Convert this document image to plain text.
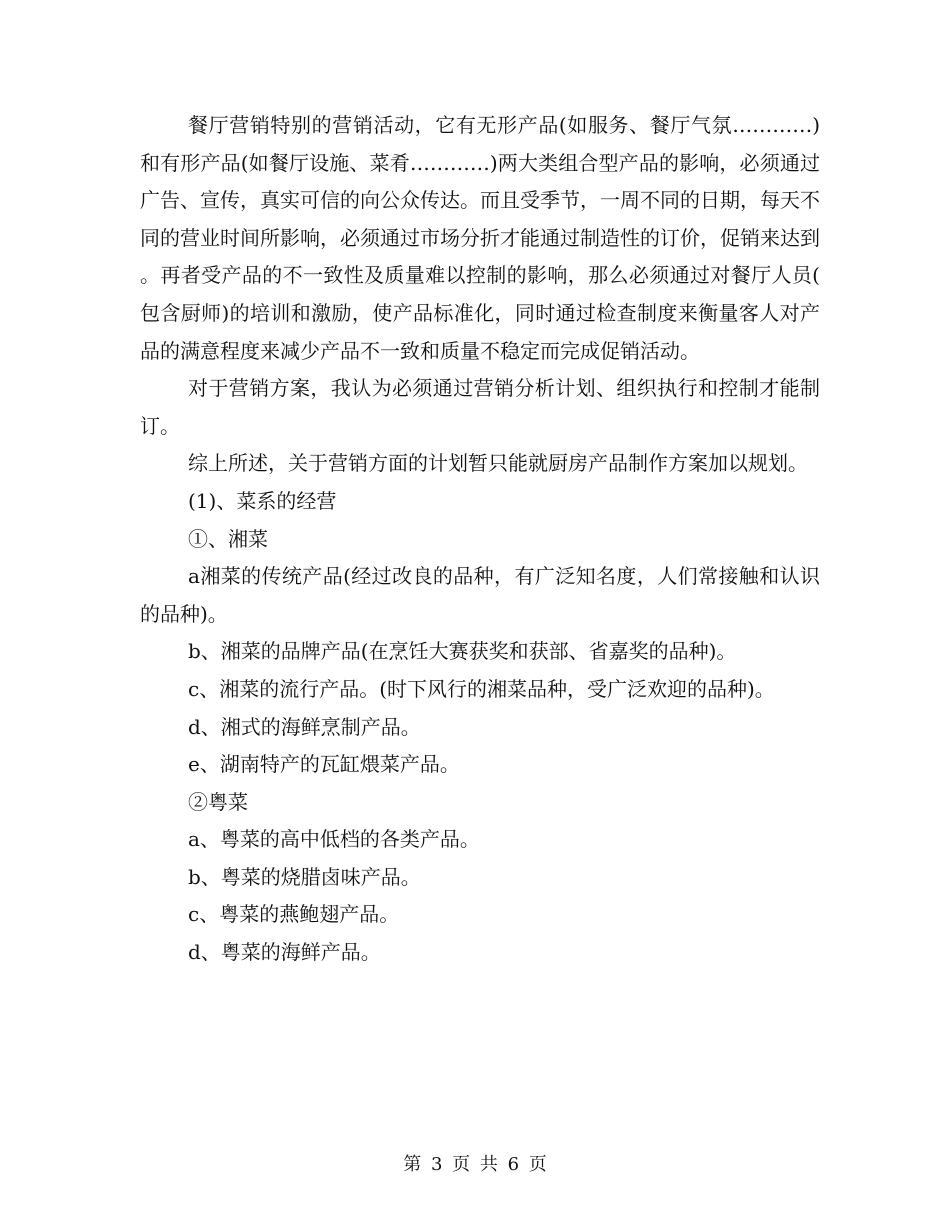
餐厅营销特别的营销活动，它有无形产品(如服务、餐厅气氛…………)和有形产品(如餐厅设施、菜肴…………)两大类组合型产品的影响，必须通过广告、宣传，真实可信的向公众传达。而且受季节，一周不同的日期，每天不同的营业时间所影响，必须通过市场分折才能通过制造性的订价，促销来达到。再者受产品的不一致性及质量难以控制的影响，那么必须通过对餐厅人员(包含厨师)的培训和激励，使产品标准化，同时通过检查制度来衡量客人对产品的满意程度来减少产品不一致和质量不稳定而完成促销活动。

对于营销方案，我认为必须通过营销分析计划、组织执行和控制才能制订。

综上所述，关于营销方面的计划暂只能就厨房产品制作方案加以规划。

(1)、菜系的经营

①、湘菜

a湘菜的传统产品(经过改良的品种，有广泛知名度，人们常接触和认识的品种)。

b、湘菜的品牌产品(在烹饪大赛获奖和获部、省嘉奖的品种)。

c、湘菜的流行产品。(时下风行的湘菜品种，受广泛欢迎的品种)。

d、湘式的海鲜烹制产品。

e、湖南特产的瓦缸煨菜产品。

②粤菜

a、粤菜的高中低档的各类产品。

b、粤菜的烧腊卤味产品。

c、粤菜的燕鲍翅产品。

d、粤菜的海鲜产品。

第 3 页 共 6 页
